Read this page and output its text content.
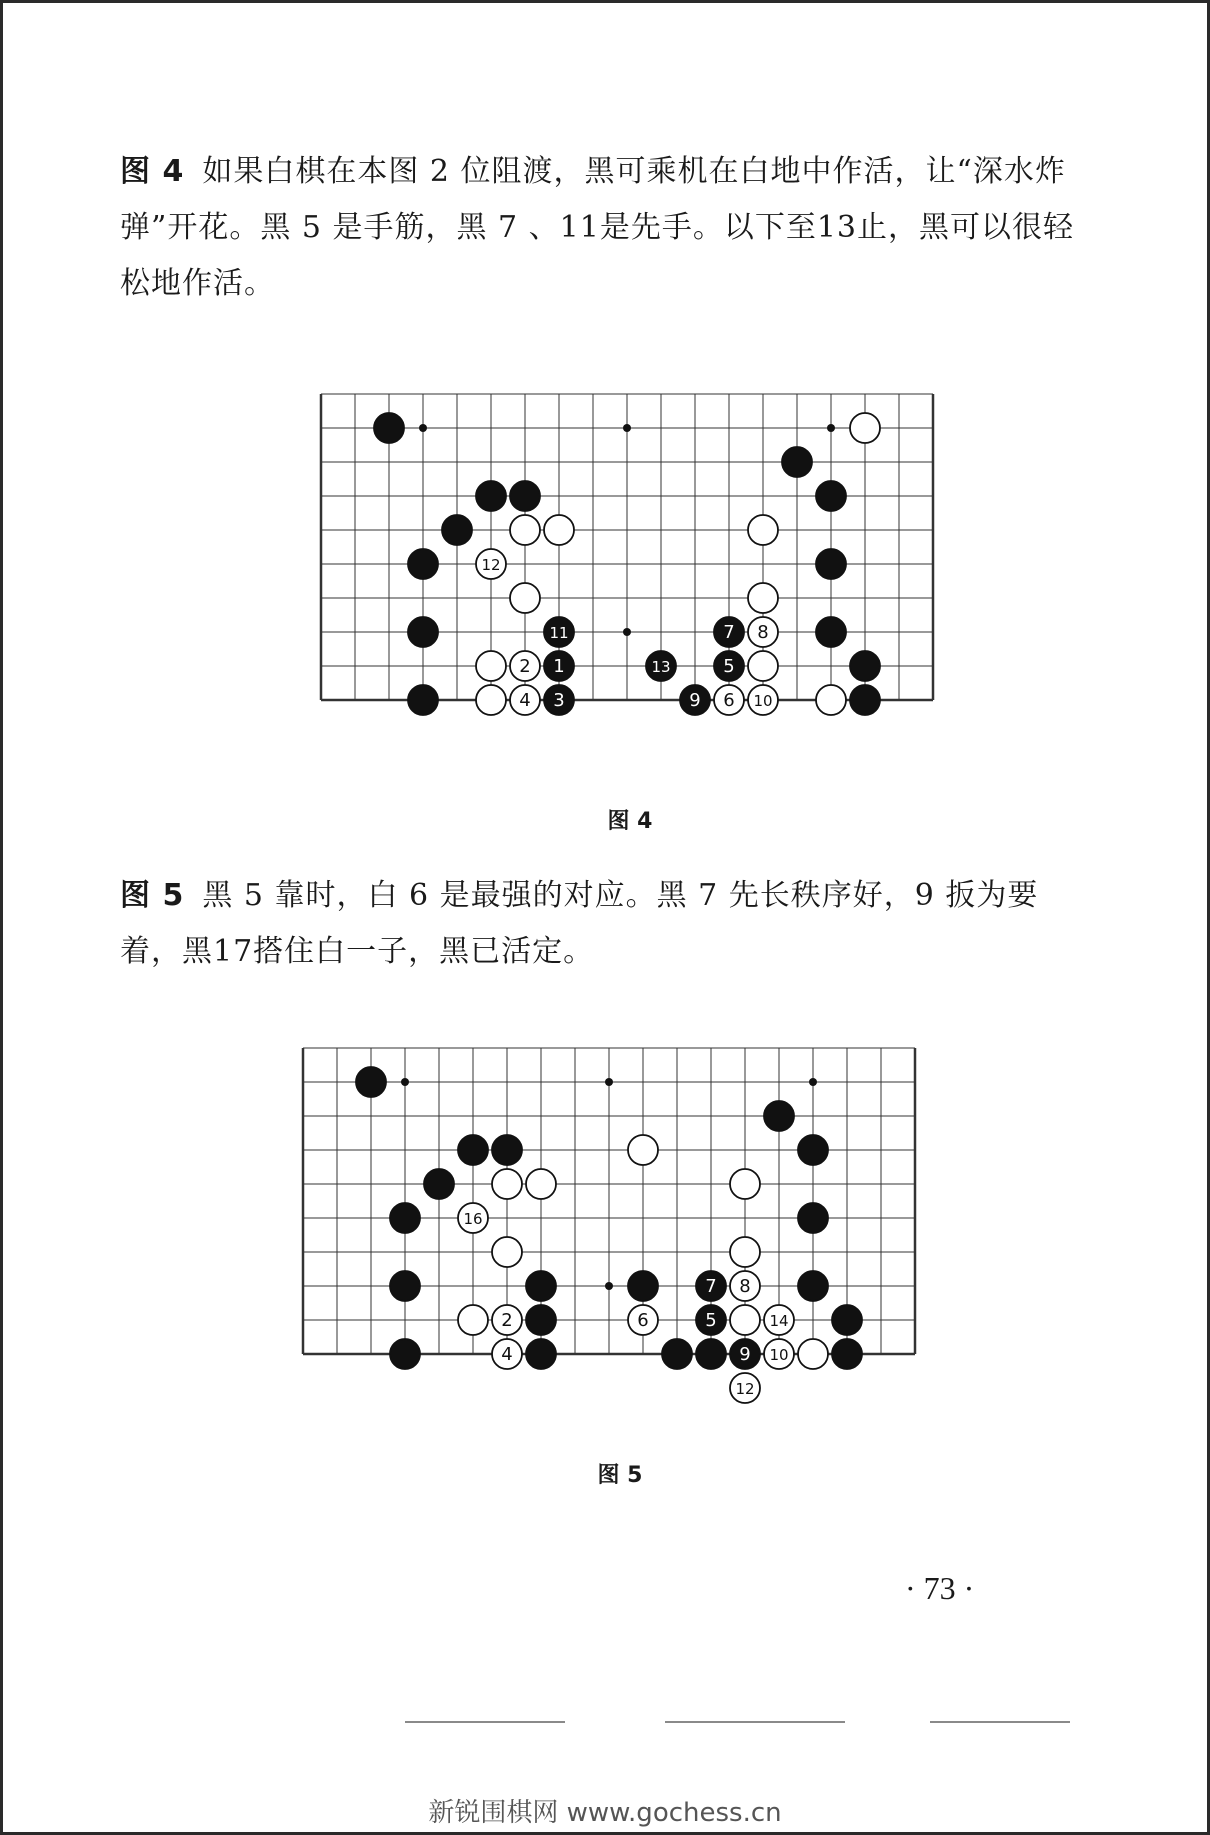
图 4 如果白棋在本图 2 位阻渡，黑可乘机在白地中作活，让“深水炸弹”开花。黑 5 是手筋，黑 7 、11是先手。以下至13止，黑可以很轻松地作活。

11
1
3
13
7
5
9
12
2
4
8
6 10
图 4

图 5 黑 5 靠时，白 6 是最强的对应。黑 7 先长秩序好，9 扳为要着，黑17搭住白一子，黑已活定。

7
5
9
16
2
4
6
8
14
10
12
图 5
· 73 ·
新锐围棋网 www.gochess.cn
